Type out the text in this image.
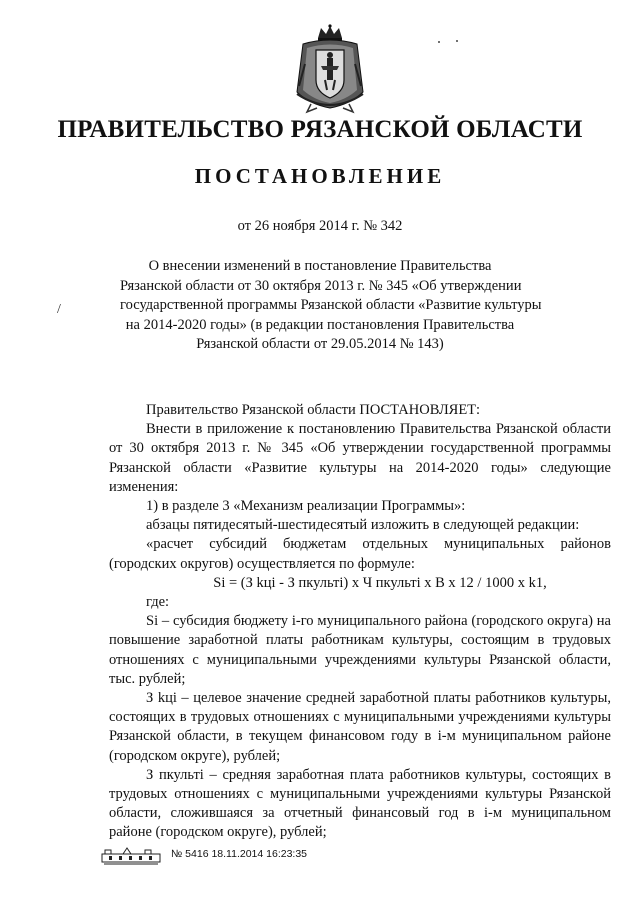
/
ПРАВИТЕЛЬСТВО РЯЗАНСКОЙ ОБЛАСТИ
ПОСТАНОВЛЕНИЕ
от 26 ноября 2014 г. № 342
О внесении изменений в постановление Правительства
Рязанской области от 30 октября 2013 г. № 345 «Об утверждении
государственной программы Рязанской области «Развитие культуры
на 2014-2020 годы» (в редакции постановления Правительства
Рязанской области от 29.05.2014 № 143)

Правительство Рязанской области ПОСТАНОВЛЯЕТ:

Внести в приложение к постановлению Правительства Рязанской области от 30 октября 2013 г. № 345 «Об утверждении государственной программы Рязанской области «Развитие культуры на 2014-2020 годы» следующие изменения:

1) в разделе 3 «Механизм реализации Программы»:

абзацы пятидесятый-шестидесятый изложить в следующей редакции:

«расчет субсидий бюджетам отдельных муниципальных районов (городских округов) осуществляется по формуле:

Si = (З kцi - З пкульті) х Ч пкульті х В х 12 / 1000 х k1,

где:

Si – субсидия бюджету i-го муниципального района (городского округа) на повышение заработной платы работникам культуры, состоящим в трудовых отношениях с муниципальными учреждениями культуры Рязанской области, тыс. рублей;

З kцi – целевое значение средней заработной платы работников культуры, состоящих в трудовых отношениях с муниципальными учреждениями культуры Рязанской области, в текущем финансовом году в i-м муниципальном районе (городском округе), рублей;

З пкульті – средняя заработная плата работников культуры, состоящих в трудовых отношениях с муниципальными учреждениями культуры Рязанской области, сложившаяся за отчетный финансовый год в i-м муниципальном районе (городском округе), рублей;

№ 5416 18.11.2014 16:23:35
